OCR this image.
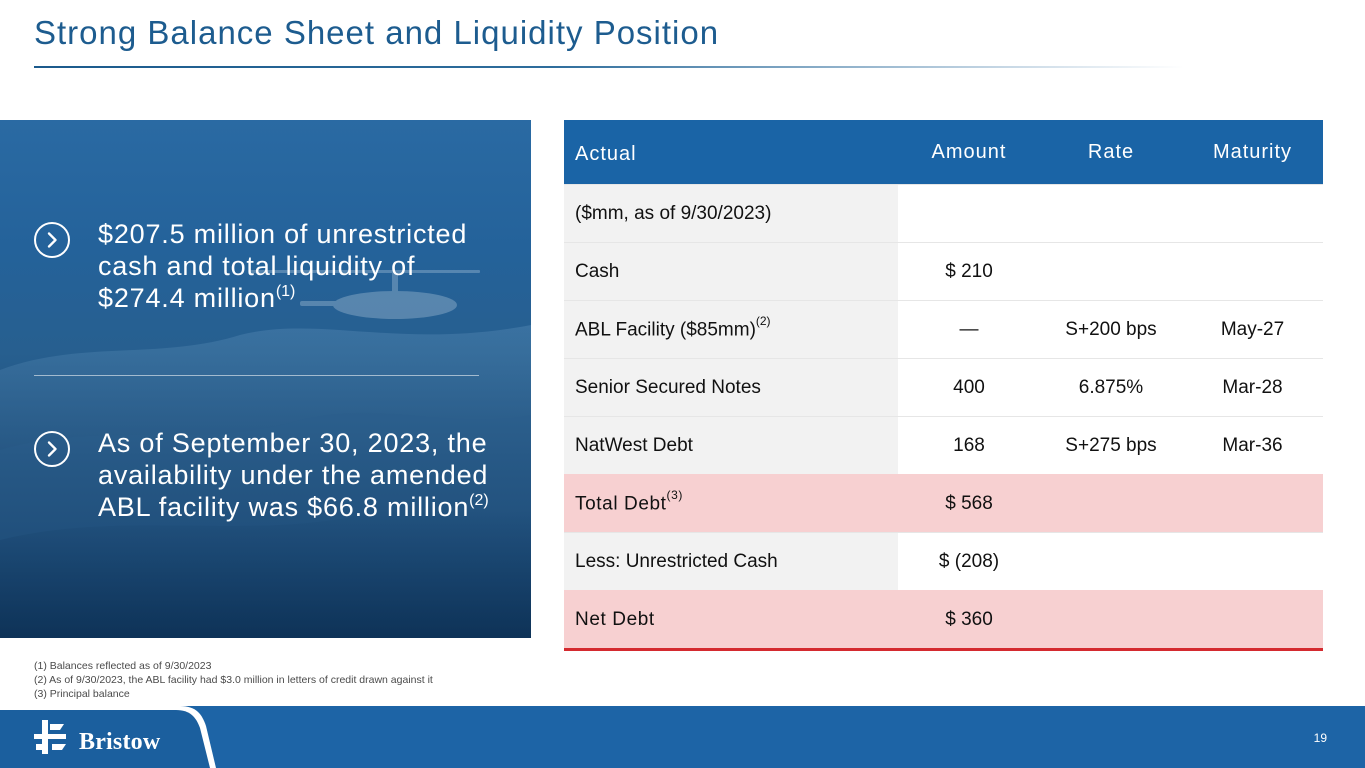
Strong Balance Sheet and Liquidity Position
$207.5 million of unrestricted cash and total liquidity of $274.4 million$^{(1)}$
As of September 30, 2023, the availability under the amended ABL facility was $66.8 million$^{(2)}$
Actual	Amount	Rate	Maturity
($mm, as of 9/30/2023)			
Cash	$ 210		
ABL Facility ($85mm)$^{(2)}$	—	S+200 bps	May-27
Senior Secured Notes	400	6.875%	Mar-28
NatWest Debt	168	S+275 bps	Mar-36
Total Debt$^{(3)}$	$ 568		
Less: Unrestricted Cash	$ (208)		
Net Debt	$ 360		
(1) Balances reflected as of 9/30/2023
(2) As of 9/30/2023, the ABL facility had $3.0 million in letters of credit drawn against it
(3) Principal balance
Bristow	19
